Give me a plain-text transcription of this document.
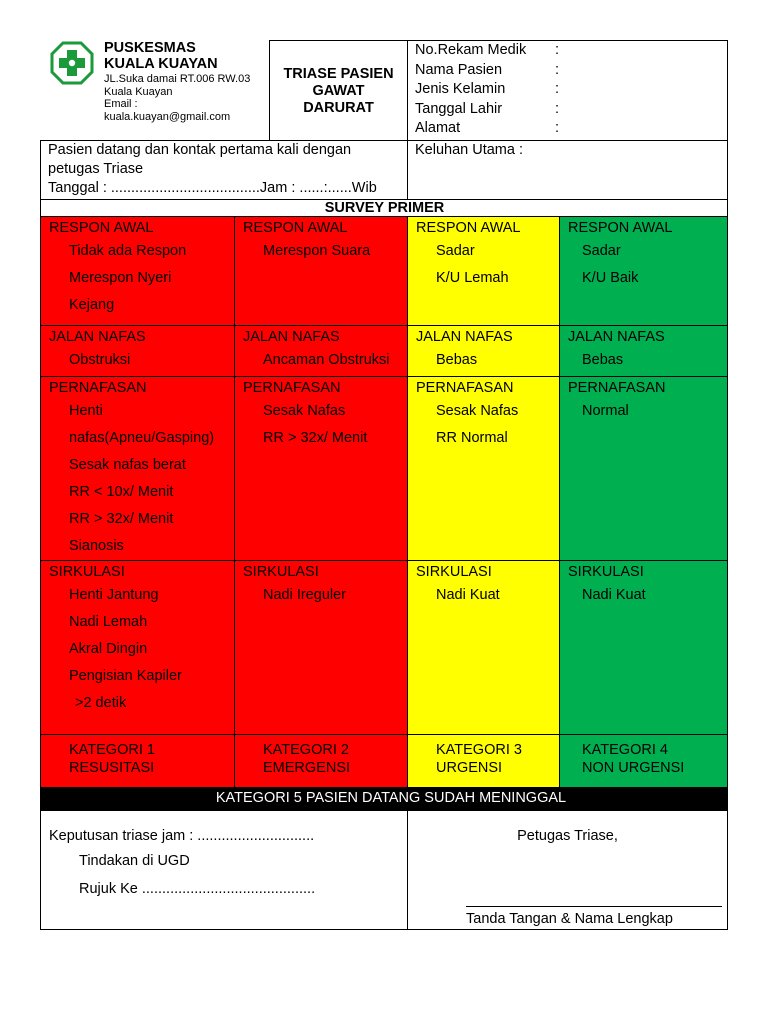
PUSKESMAS
KUALA KUAYAN
JL.Suka damai RT.006 RW.03
Kuala Kuayan
Email :
kuala.kuayan@gmail.com
TRIASE PASIEN
GAWAT
DARURAT
No.Rekam Medik	:
Nama Pasien	:
Jenis Kelamin	:
Tanggal Lahir	:
Alamat	:
Pasien datang dan kontak pertama kali dengan
petugas Triase
Tanggal : .....................................Jam : ......:......Wib
Keluhan Utama :
SURVEY PRIMER
RESPON AWAL
Tidak ada Respon
Merespon Nyeri
Kejang
RESPON AWAL
Merespon Suara
RESPON AWAL
Sadar
K/U Lemah
RESPON AWAL
Sadar
K/U Baik
JALAN NAFAS
Obstruksi
JALAN NAFAS
Ancaman Obstruksi
JALAN NAFAS
Bebas
JALAN NAFAS
Bebas
PERNAFASAN
Henti
nafas(Apneu/Gasping)
Sesak nafas berat
RR < 10x/ Menit
RR > 32x/ Menit
Sianosis
PERNAFASAN
Sesak Nafas
RR > 32x/ Menit
PERNAFASAN
Sesak Nafas
RR Normal
PERNAFASAN
Normal
SIRKULASI
Henti Jantung
Nadi Lemah
Akral Dingin
Pengisian Kapiler
>2 detik
SIRKULASI
Nadi Ireguler
SIRKULASI
Nadi Kuat
SIRKULASI
Nadi Kuat
KATEGORI 1
RESUSITASI
KATEGORI 2
EMERGENSI
KATEGORI 3
URGENSI
KATEGORI 4
NON URGENSI
KATEGORI 5 PASIEN DATANG SUDAH MENINGGAL
Keputusan triase jam : .............................
Tindakan di UGD
Rujuk Ke ...........................................
Petugas Triase,
Tanda Tangan & Nama Lengkap
